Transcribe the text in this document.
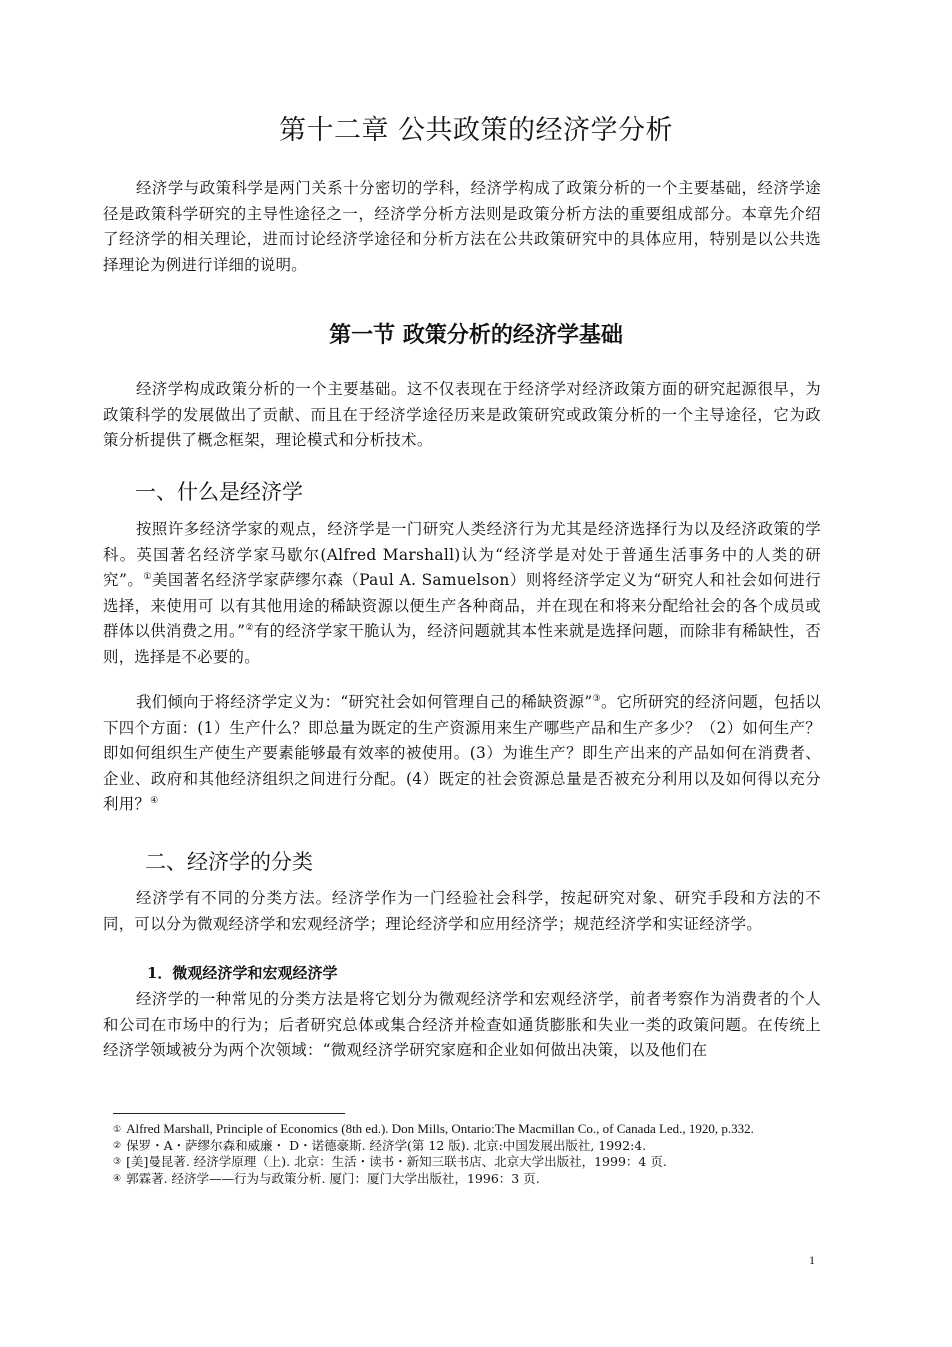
第十二章 公共政策的经济学分析

经济学与政策科学是两门关系十分密切的学科，经济学构成了政策分析的一个主要基础，经济学途径是政策科学研究的主导性途径之一，经济学分析方法则是政策分析方法的重要组成部分。本章先介绍了经济学的相关理论，进而讨论经济学途径和分析方法在公共政策研究中的具体应用，特别是以公共选择理论为例进行详细的说明。

第一节 政策分析的经济学基础

经济学构成政策分析的一个主要基础。这不仅表现在于经济学对经济政策方面的研究起源很早，为政策科学的发展做出了贡献、而且在于经济学途径历来是政策研究或政策分析的一个主导途径，它为政策分析提供了概念框架，理论模式和分析技术。

一、什么是经济学

按照许多经济学家的观点，经济学是一门研究人类经济行为尤其是经济选择行为以及经济政策的学科。英国著名经济学家马歇尔(Alfred Marshall)认为“经济学是对处于普通生活事务中的人类的研究”。①美国著名经济学家萨缪尔森（Paul A. Samuelson）则将经济学定义为“研究人和社会如何进行选择，来使用可 以有其他用途的稀缺资源以便生产各种商品，并在现在和将来分配给社会的各个成员或群体以供消费之用。”②有的经济学家干脆认为，经济问题就其本性来就是选择问题，而除非有稀缺性，否则，选择是不必要的。

我们倾向于将经济学定义为：“研究社会如何管理自己的稀缺资源”③。它所研究的经济问题，包括以下四个方面：(1）生产什么？即总量为既定的生产资源用来生产哪些产品和生产多少？（2）如何生产？即如何组织生产使生产要素能够最有效率的被使用。(3）为谁生产？即生产出来的产品如何在消费者、企业、政府和其他经济组织之间进行分配。(4）既定的社会资源总量是否被充分利用以及如何得以充分利用？④

二、经济学的分类

经济学有不同的分类方法。经济学作为一门经验社会科学，按起研究对象、研究手段和方法的不同，可以分为微观经济学和宏观经济学；理论经济学和应用经济学；规范经济学和实证经济学。

1．微观经济学和宏观经济学

经济学的一种常见的分类方法是将它划分为微观经济学和宏观经济学，前者考察作为消费者的个人和公司在市场中的行为；后者研究总体或集合经济并检查如通货膨胀和失业一类的政策问题。在传统上经济学领域被分为两个次领域：“微观经济学研究家庭和企业如何做出决策，以及他们在

① Alfred Marshall, Principle of Economics (8th ed.). Don Mills, Ontario:The Macmillan Co., of Canada Led., 1920, p.332.

② 保罗・A・萨缪尔森和威廉・ D・诺德豪斯. 经济学(第 12 版). 北京:中国发展出版社, 1992:4.

③ [美]曼昆著. 经济学原理（上). 北京：生活・读书・新知三联书店、北京大学出版社，1999：4 页.

④ 郭霖著. 经济学——行为与政策分析. 厦门：厦门大学出版社，1996：3 页.

1
